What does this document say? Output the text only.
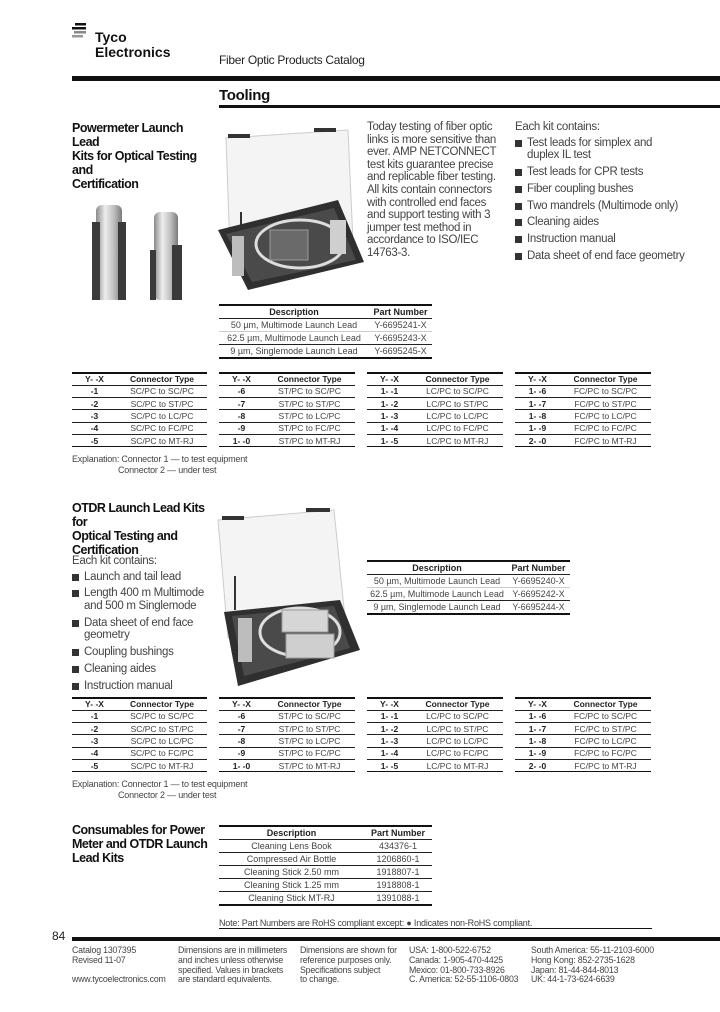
Tyco
Electronics	Fiber Optic Products Catalog
Tooling
Powermeter Launch Lead
Kits for Optical Testing and
Certification
Today testing of fiber optic links is more sensitive than ever. AMP NETCONNECT test kits guarantee precise and replicable fiber testing. All kits contain connectors with controlled end faces and support testing with 3 jumper test method in accordance to ISO/IEC 14763-3.
Each kit contains:
Test leads for simplex and duplex IL test
Test leads for CPR tests
Fiber coupling bushes
Two mandrels (Multimode only)
Cleaning aides
Instruction manual
Data sheet of end face geometry
Description	Part Number
50 µm, Multimode Launch Lead	Y-6695241-X
62.5 µm, Multimode Launch Lead	Y-6695243-X
9 µm, Singlemode Launch Lead	Y-6695245-X
Y- -X	Connector Type
-1	SC/PC to SC/PC
-2	SC/PC to ST/PC
-3	SC/PC to LC/PC
-4	SC/PC to FC/PC
-5	SC/PC to MT-RJ
Y- -X	Connector Type
-6	ST/PC to SC/PC
-7	ST/PC to ST/PC
-8	ST/PC to LC/PC
-9	ST/PC to FC/PC
1- -0	ST/PC to MT-RJ
Y- -X	Connector Type
1- -1	LC/PC to SC/PC
1- -2	LC/PC to ST/PC
1- -3	LC/PC to LC/PC
1- -4	LC/PC to FC/PC
1- -5	LC/PC to MT-RJ
Y- -X	Connector Type
1- -6	FC/PC to SC/PC
1- -7	FC/PC to ST/PC
1- -8	FC/PC to LC/PC
1- -9	FC/PC to FC/PC
2- -0	FC/PC to MT-RJ
Explanation: Connector 1 — to test equipment
Connector 2 — under test
OTDR Launch Lead Kits for
Optical Testing and
Certification
Each kit contains:
Launch and tail lead
Length 400 m Multimode and 500 m Singlemode
Data sheet of end face geometry
Coupling bushings
Cleaning aides
Instruction manual
Description	Part Number
50 µm, Multimode Launch Lead	Y-6695240-X
62.5 µm, Multimode Launch Lead	Y-6695242-X
9 µm, Singlemode Launch Lead	Y-6695244-X
Y- -X	Connector Type
-1	SC/PC to SC/PC
-2	SC/PC to ST/PC
-3	SC/PC to LC/PC
-4	SC/PC to FC/PC
-5	SC/PC to MT-RJ
Y- -X	Connector Type
-6	ST/PC to SC/PC
-7	ST/PC to ST/PC
-8	ST/PC to LC/PC
-9	ST/PC to FC/PC
1- -0	ST/PC to MT-RJ
Y- -X	Connector Type
1- -1	LC/PC to SC/PC
1- -2	LC/PC to ST/PC
1- -3	LC/PC to LC/PC
1- -4	LC/PC to FC/PC
1- -5	LC/PC to MT-RJ
Y- -X	Connector Type
1- -6	FC/PC to SC/PC
1- -7	FC/PC to ST/PC
1- -8	FC/PC to LC/PC
1- -9	FC/PC to FC/PC
2- -0	FC/PC to MT-RJ
Explanation: Connector 1 — to test equipment
Connector 2 — under test
Consumables for Power
Meter and OTDR Launch
Lead Kits
Description	Part Number
Cleaning Lens Book	434376-1
Compressed Air Bottle	1206860-1
Cleaning Stick 2.50 mm	1918807-1
Cleaning Stick 1.25 mm	1918808-1
Cleaning Stick MT-RJ	1391088-1
Note: Part Numbers are RoHS compliant except: ● Indicates non-RoHS compliant.
84
Catalog 1307395
Revised 11-07
www.tycoelectronics.com
Dimensions are in millimeters
and inches unless otherwise
specified. Values in brackets
are standard equivalents.
Dimensions are shown for
reference purposes only.
Specifications subject
to change.
USA: 1-800-522-6752
Canada: 1-905-470-4425
Mexico: 01-800-733-8926
C. America: 52-55-1106-0803
South America: 55-11-2103-6000
Hong Kong: 852-2735-1628
Japan: 81-44-844-8013
UK: 44-1-73-624-6639
